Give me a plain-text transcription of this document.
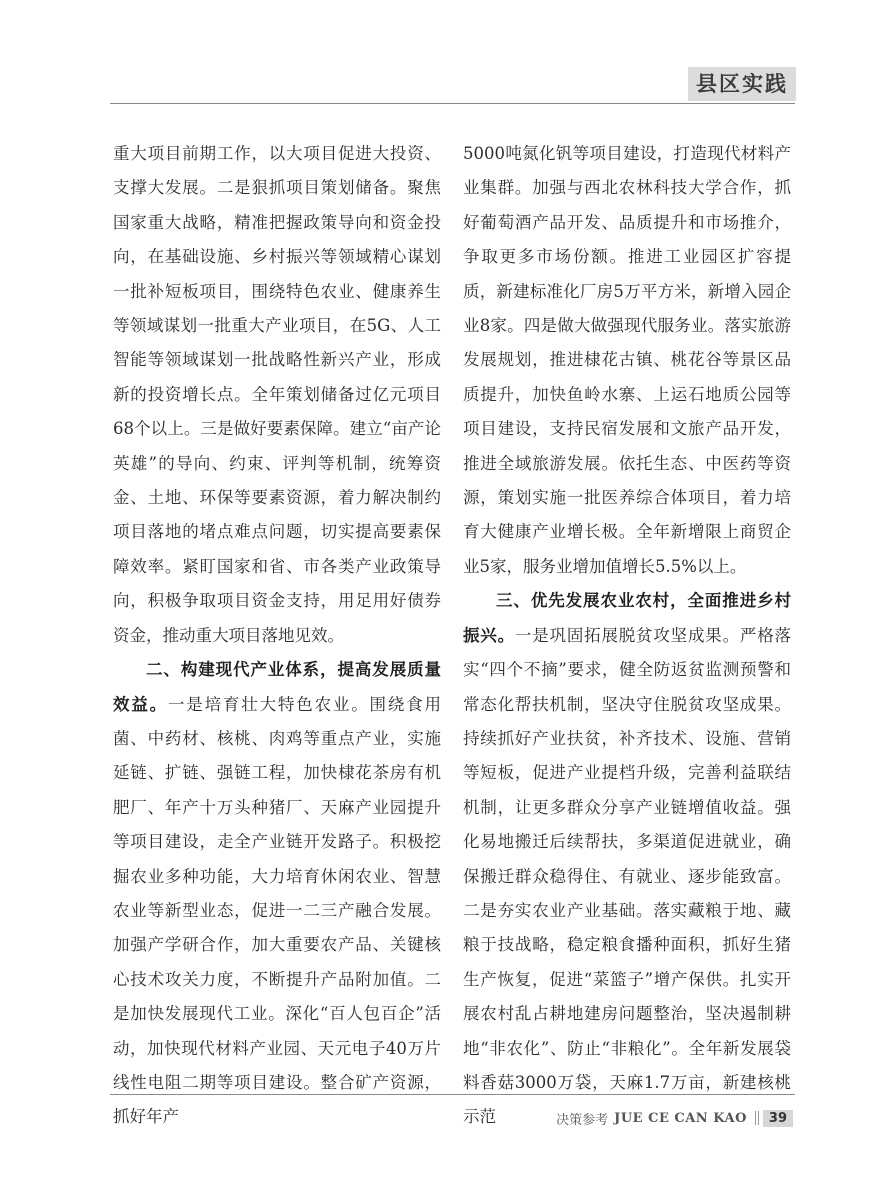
县区实践

重大项目前期工作，以大项目促进大投资、支撑大发展。二是狠抓项目策划储备。聚焦国家重大战略，精准把握政策导向和资金投向，在基础设施、乡村振兴等领域精心谋划一批补短板项目，围绕特色农业、健康养生等领域谋划一批重大产业项目，在5G、人工智能等领域谋划一批战略性新兴产业，形成新的投资增长点。全年策划储备过亿元项目68个以上。三是做好要素保障。建立“亩产论英雄”的导向、约束、评判等机制，统筹资金、土地、环保等要素资源，着力解决制约项目落地的堵点难点问题，切实提高要素保障效率。紧盯国家和省、市各类产业政策导向，积极争取项目资金支持，用足用好债券资金，推动重大项目落地见效。

二、构建现代产业体系，提高发展质量效益。一是培育壮大特色农业。围绕食用菌、中药材、核桃、肉鸡等重点产业，实施延链、扩链、强链工程，加快棣花茶房有机肥厂、年产十万头种猪厂、天麻产业园提升等项目建设，走全产业链开发路子。积极挖掘农业多种功能，大力培育休闲农业、智慧农业等新型业态，促进一二三产融合发展。加强产学研合作，加大重要农产品、关键核心技术攻关力度，不断提升产品附加值。二是加快发展现代工业。深化“百人包百企”活动，加快现代材料产业园、天元电子40万片线性电阻二期等项目建设。整合矿产资源，抓好年产

5000吨氮化钒等项目建设，打造现代材料产业集群。加强与西北农林科技大学合作，抓好葡萄酒产品开发、品质提升和市场推介，争取更多市场份额。推进工业园区扩容提质，新建标准化厂房5万平方米，新增入园企业8家。四是做大做强现代服务业。落实旅游发展规划，推进棣花古镇、桃花谷等景区品质提升，加快鱼岭水寨、上运石地质公园等项目建设，支持民宿发展和文旅产品开发，推进全域旅游发展。依托生态、中医药等资源，策划实施一批医养综合体项目，着力培育大健康产业增长极。全年新增限上商贸企业5家，服务业增加值增长5.5%以上。

三、优先发展农业农村，全面推进乡村振兴。一是巩固拓展脱贫攻坚成果。严格落实“四个不摘”要求，健全防返贫监测预警和常态化帮扶机制，坚决守住脱贫攻坚成果。持续抓好产业扶贫，补齐技术、设施、营销等短板，促进产业提档升级，完善利益联结机制，让更多群众分享产业链增值收益。强化易地搬迁后续帮扶，多渠道促进就业，确保搬迁群众稳得住、有就业、逐步能致富。二是夯实农业产业基础。落实藏粮于地、藏粮于技战略，稳定粮食播种面积，抓好生猪生产恢复，促进“菜篮子”增产保供。扎实开展农村乱占耕地建房问题整治，坚决遏制耕地“非农化”、防止“非粮化”。全年新发展袋料香菇3000万袋，天麻1.7万亩，新建核桃示范	决策参考 JUE CE CAN KAO	39
